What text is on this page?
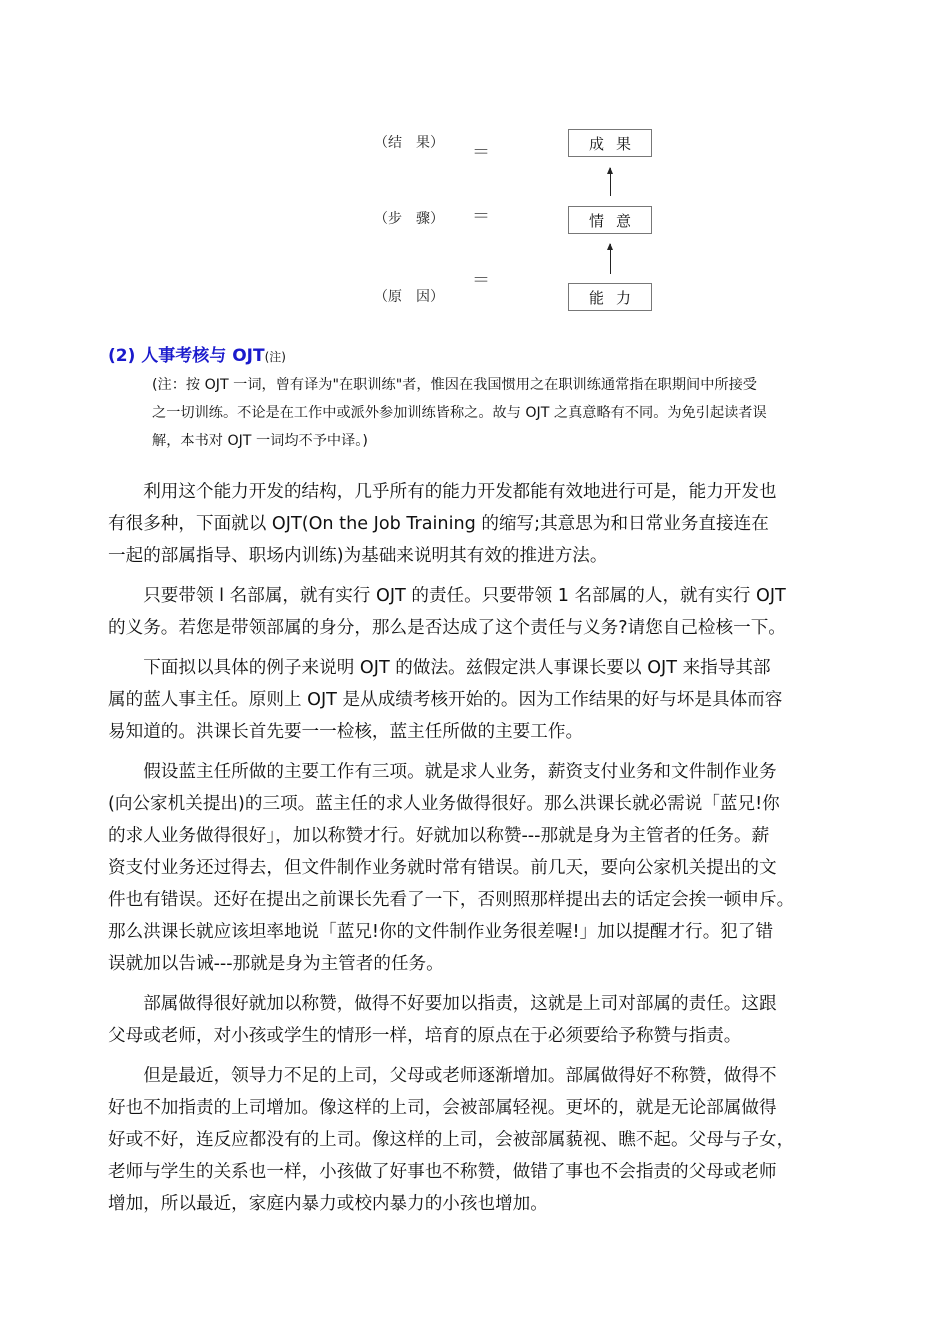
（结　果） ＝	成果
（步　骤） ＝	情意
（原　因）
＝
能力
(2) 人事考核与 OJT(注)

(注：按 OJT 一词，曾有译为"在职训练"者，惟因在我国惯用之在职训练通常指在职期间中所接受

之一切训练。不论是在工作中或派外参加训练皆称之。故与 OJT 之真意略有不同。为免引起读者误

解，本书对 OJT 一词均不予中译。)

　　利用这个能力开发的结构，几乎所有的能力开发都能有效地进行可是，能力开发也
有很多种，下面就以 OJT(On the Job Training 的缩写;其意思为和日常业务直接连在
一起的部属指导、职场内训练)为基础来说明其有效的推进方法。
　　只要带领 l 名部属，就有实行 OJT 的责任。只要带领 1 名部属的人，就有实行 OJT
的义务。若您是带领部属的身分，那么是否达成了这个责任与义务?请您自己检核一下。
　　下面拟以具体的例子来说明 OJT 的做法。兹假定洪人事课长要以 OJT 来指导其部
属的蓝人事主任。原则上 OJT 是从成绩考核开始的。因为工作结果的好与坏是具体而容
易知道的。洪课长首先要一一检核，蓝主任所做的主要工作。
　　假设蓝主任所做的主要工作有三项。就是求人业务，薪资支付业务和文件制作业务
(向公家机关提出)的三项。蓝主任的求人业务做得很好。那么洪课长就必需说「蓝兄!你
的求人业务做得很好」，加以称赞才行。好就加以称赞---那就是身为主管者的任务。薪
资支付业务还过得去，但文件制作业务就时常有错误。前几天，要向公家机关提出的文
件也有错误。还好在提出之前课长先看了一下，否则照那样提出去的话定会挨一顿申斥。
那么洪课长就应该坦率地说「蓝兄!你的文件制作业务很差喔!」加以提醒才行。犯了错
误就加以告诫---那就是身为主管者的任务。
　　部属做得很好就加以称赞，做得不好要加以指责，这就是上司对部属的责任。这跟
父母或老师，对小孩或学生的情形一样，培育的原点在于必须要给予称赞与指责。
　　但是最近，领导力不足的上司，父母或老师逐渐增加。部属做得好不称赞，做得不
好也不加指责的上司增加。像这样的上司，会被部属轻视。更坏的，就是无论部属做得
好或不好，连反应都没有的上司。像这样的上司，会被部属藐视、瞧不起。父母与子女，
老师与学生的关系也一样，小孩做了好事也不称赞，做错了事也不会指责的父母或老师
增加，所以最近，家庭内暴力或校内暴力的小孩也增加。
